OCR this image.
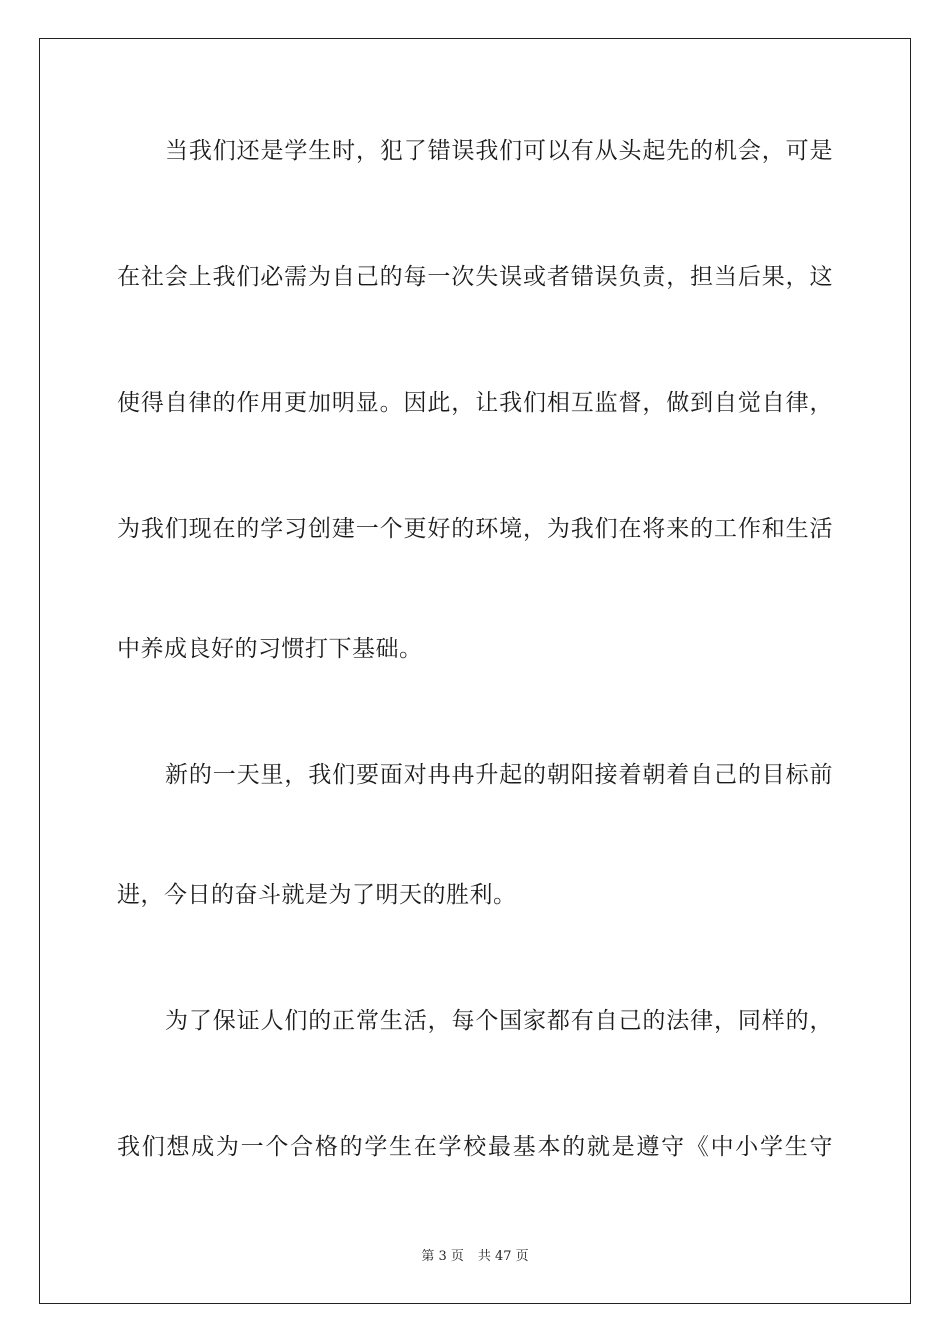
当我们还是学生时，犯了错误我们可以有从头起先的机会，可是
在社会上我们必需为自己的每一次失误或者错误负责，担当后果，这
使得自律的作用更加明显。因此，让我们相互监督，做到自觉自律，
为我们现在的学习创建一个更好的环境，为我们在将来的工作和生活
中养成良好的习惯打下基础。
新的一天里，我们要面对冉冉升起的朝阳接着朝着自己的目标前
进，今日的奋斗就是为了明天的胜利。
为了保证人们的正常生活，每个国家都有自己的法律，同样的，
我们想成为一个合格的学生在学校最基本的就是遵守《中小学生守
第 3 页 共 47 页
